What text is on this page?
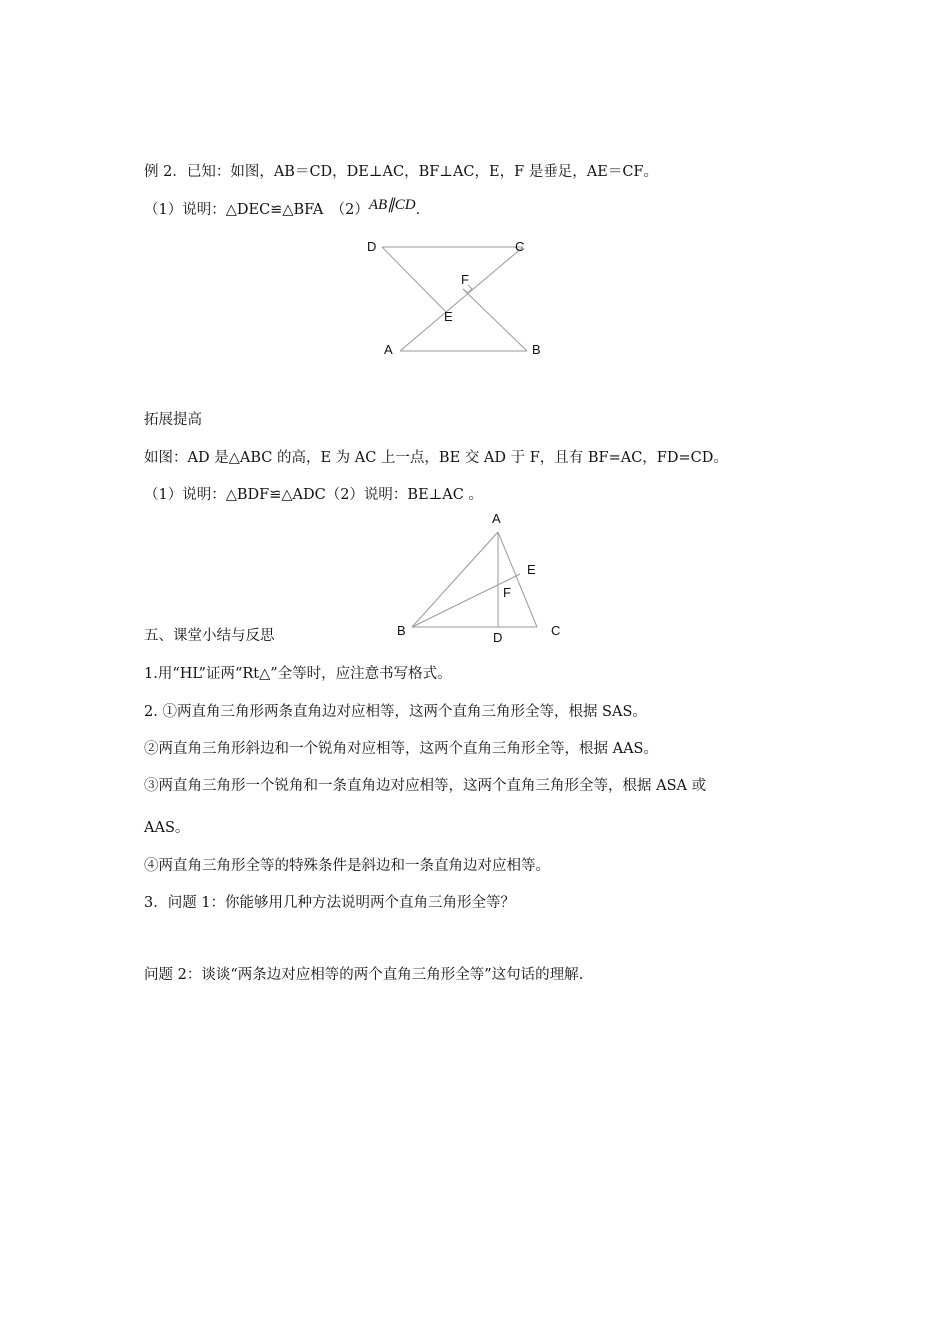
例 2．已知：如图，AB＝CD，DE⊥AC，BF⊥AC，E，F 是垂足，AE＝CF。
（1）说明：△DEC≌△BFA　（2）AB∥CD．
D	C
F
E
A	B
拓展提高
如图：AD 是△ABC 的高，E 为 AC 上一点，BE 交 AD 于 F，且有 BF=AC，FD=CD。
（1）说明：△BDF≌△ADC（2）说明：BE⊥AC 。
A
E
F
B	D	C
五、课堂小结与反思
1.用“HL”证两“Rt△”全等时，应注意书写格式。
2. ①两直角三角形两条直角边对应相等，这两个直角三角形全等，根据 SAS。
②两直角三角形斜边和一个锐角对应相等，这两个直角三角形全等，根据 AAS。
③两直角三角形一个锐角和一条直角边对应相等，这两个直角三角形全等，根据 ASA 或
AAS。
④两直角三角形全等的特殊条件是斜边和一条直角边对应相等。
3．问题 1：你能够用几种方法说明两个直角三角形全等？
问题 2：谈谈“两条边对应相等的两个直角三角形全等”这句话的理解.
